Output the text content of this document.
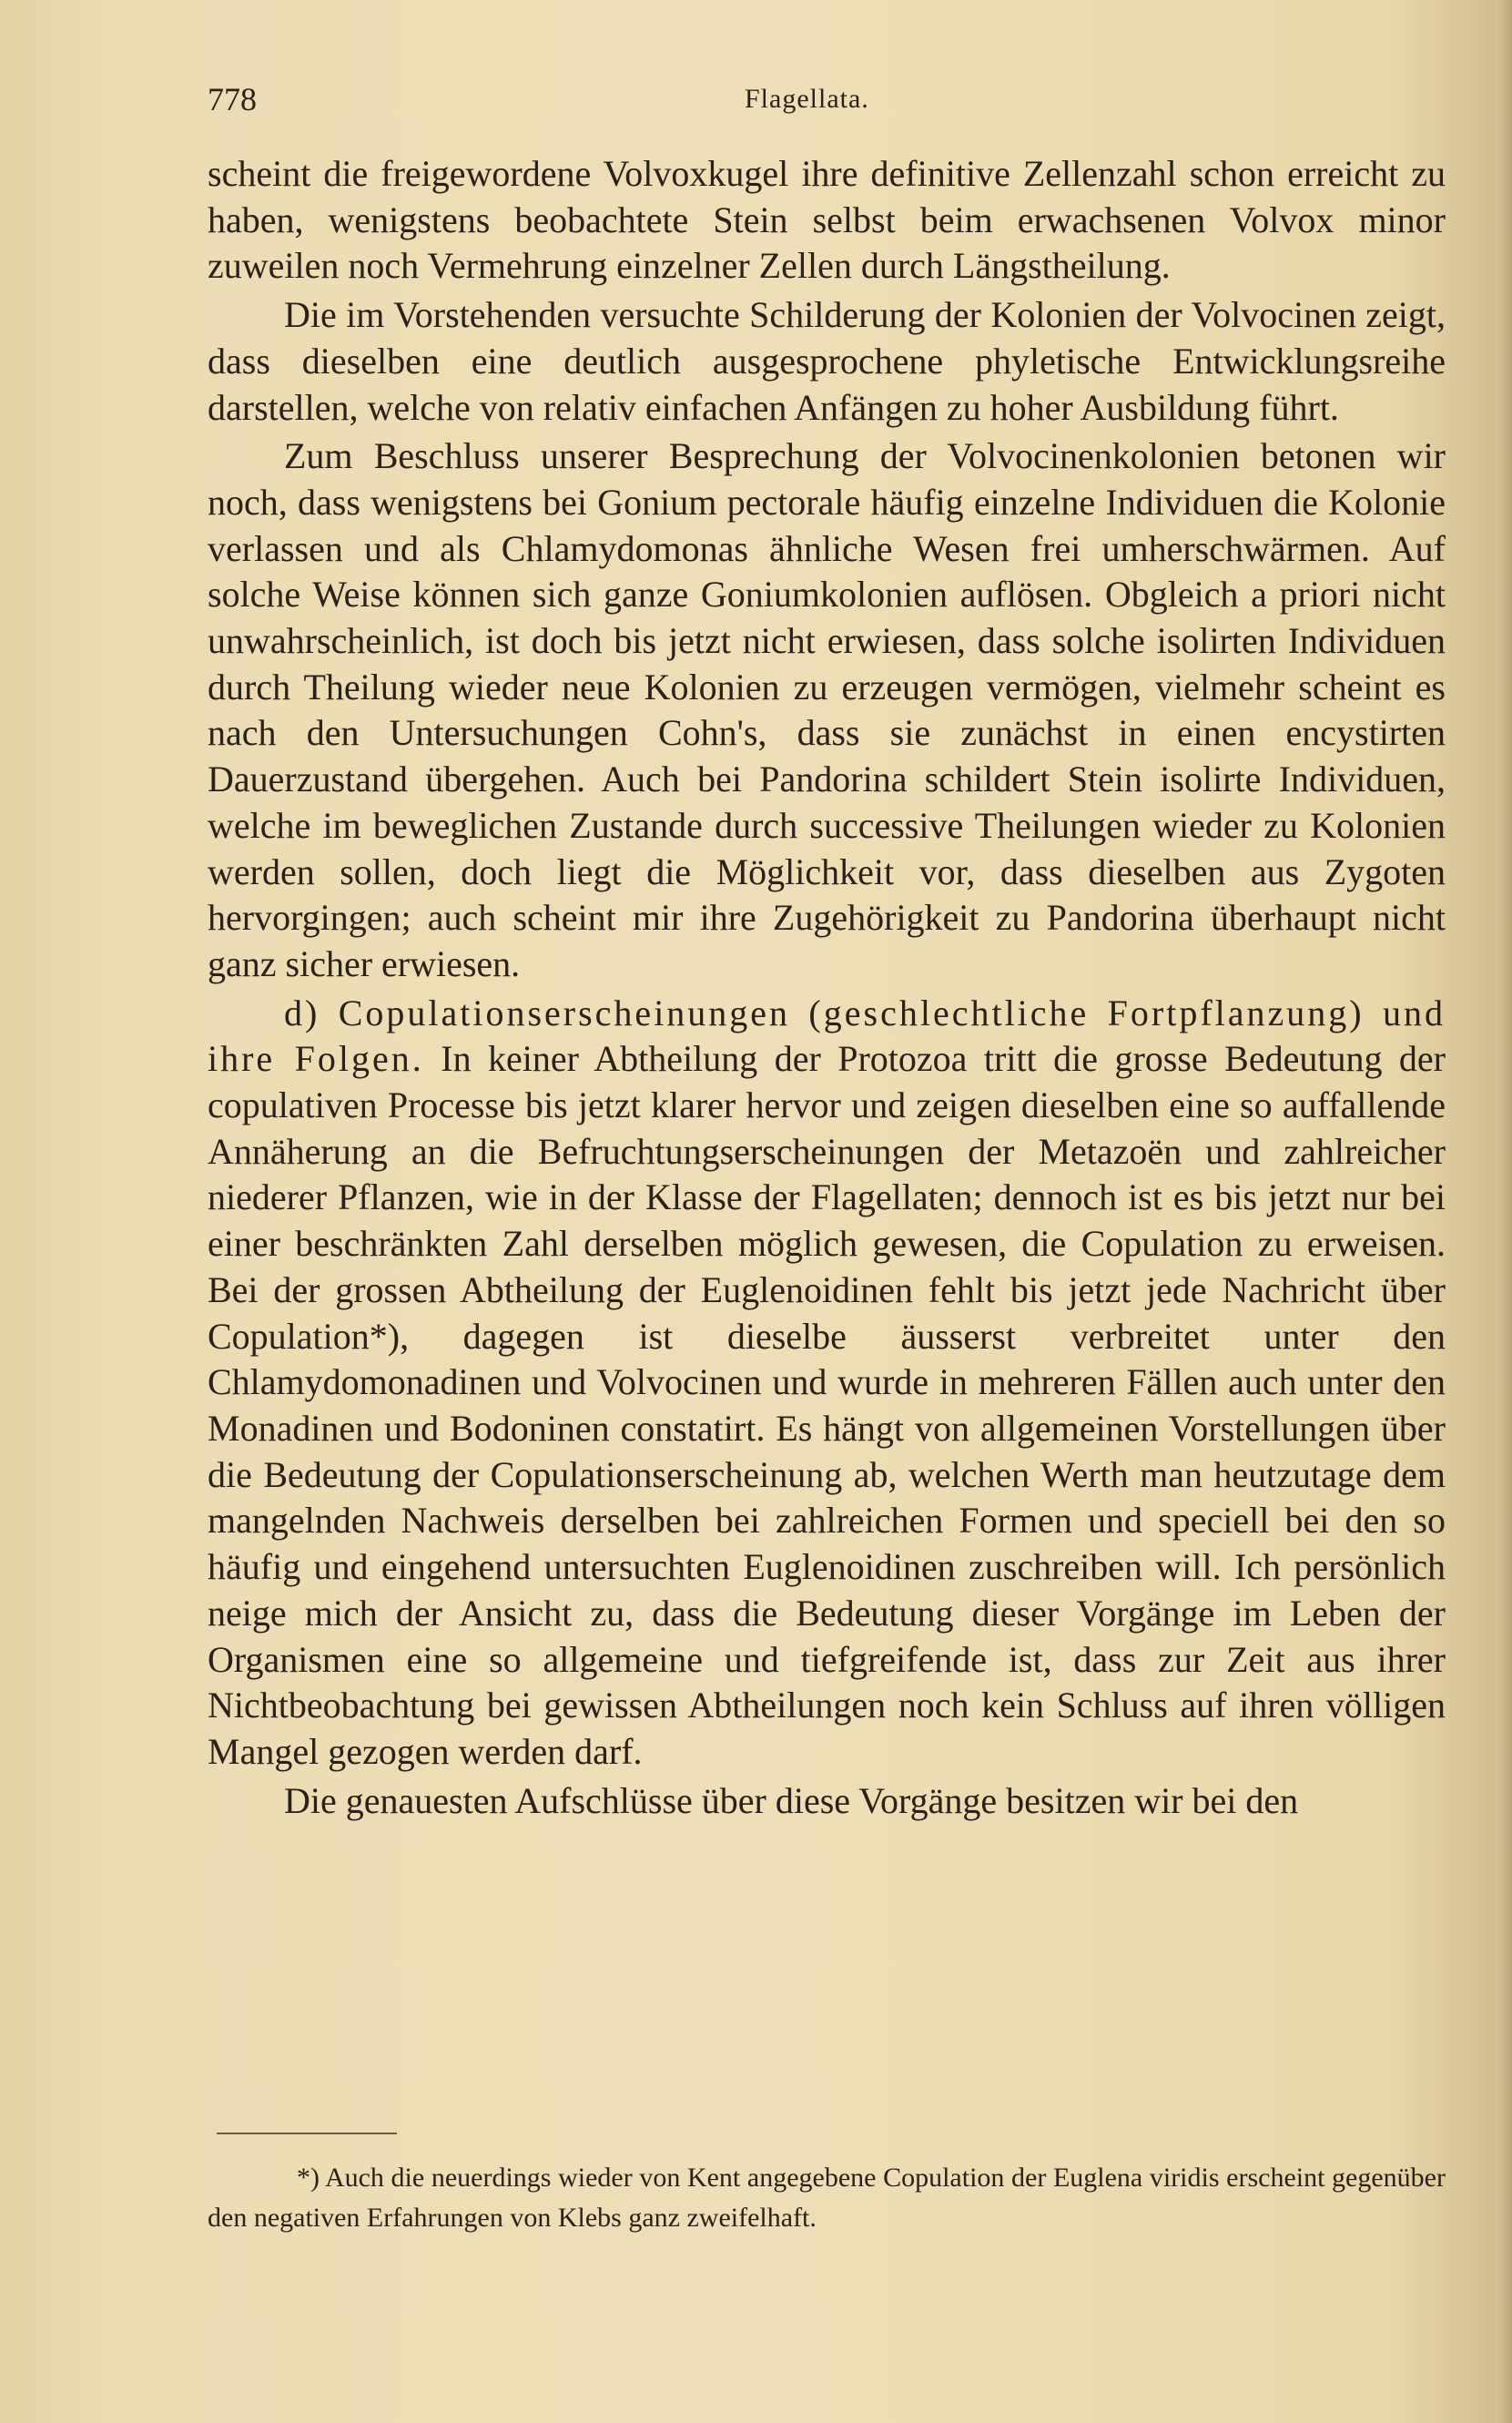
778	Flagellata.

scheint die freigewordene Volvoxkugel ihre definitive Zellenzahl schon erreicht zu haben, wenigstens beobachtete Stein selbst beim erwachsenen Volvox minor zuweilen noch Vermehrung einzelner Zellen durch Längstheilung.

Die im Vorstehenden versuchte Schilderung der Kolonien der Volvocinen zeigt, dass dieselben eine deutlich ausgesprochene phyletische Entwicklungsreihe darstellen, welche von relativ einfachen Anfängen zu hoher Ausbildung führt.

Zum Beschluss unserer Besprechung der Volvocinenkolonien betonen wir noch, dass wenigstens bei Gonium pectorale häufig einzelne Individuen die Kolonie verlassen und als Chlamydomonas ähnliche Wesen frei umherschwärmen. Auf solche Weise können sich ganze Goniumkolonien auflösen. Obgleich a priori nicht unwahrscheinlich, ist doch bis jetzt nicht erwiesen, dass solche isolirten Individuen durch Theilung wieder neue Kolonien zu erzeugen vermögen, vielmehr scheint es nach den Untersuchungen Cohn's, dass sie zunächst in einen encystirten Dauerzustand übergehen. Auch bei Pandorina schildert Stein isolirte Individuen, welche im beweglichen Zustande durch successive Theilungen wieder zu Kolonien werden sollen, doch liegt die Möglichkeit vor, dass dieselben aus Zygoten hervorgingen; auch scheint mir ihre Zugehörigkeit zu Pandorina überhaupt nicht ganz sicher erwiesen.

d) Copulationserscheinungen (geschlechtliche Fortpflanzung) und ihre Folgen. In keiner Abtheilung der Protozoa tritt die grosse Bedeutung der copulativen Processe bis jetzt klarer hervor und zeigen dieselben eine so auffallende Annäherung an die Befruchtungserscheinungen der Metazoën und zahlreicher niederer Pflanzen, wie in der Klasse der Flagellaten; dennoch ist es bis jetzt nur bei einer beschränkten Zahl derselben möglich gewesen, die Copulation zu erweisen. Bei der grossen Abtheilung der Euglenoidinen fehlt bis jetzt jede Nachricht über Copulation*), dagegen ist dieselbe äusserst verbreitet unter den Chlamydomonadinen und Volvocinen und wurde in mehreren Fällen auch unter den Monadinen und Bodoninen constatirt. Es hängt von allgemeinen Vorstellungen über die Bedeutung der Copulationserscheinung ab, welchen Werth man heutzutage dem mangelnden Nachweis derselben bei zahlreichen Formen und speciell bei den so häufig und eingehend untersuchten Euglenoidinen zuschreiben will. Ich persönlich neige mich der Ansicht zu, dass die Bedeutung dieser Vorgänge im Leben der Organismen eine so allgemeine und tiefgreifende ist, dass zur Zeit aus ihrer Nichtbeobachtung bei gewissen Abtheilungen noch kein Schluss auf ihren völligen Mangel gezogen werden darf.

Die genauesten Aufschlüsse über diese Vorgänge besitzen wir bei den

*) Auch die neuerdings wieder von Kent angegebene Copulation der Euglena viridis erscheint gegenüber den negativen Erfahrungen von Klebs ganz zweifelhaft.
